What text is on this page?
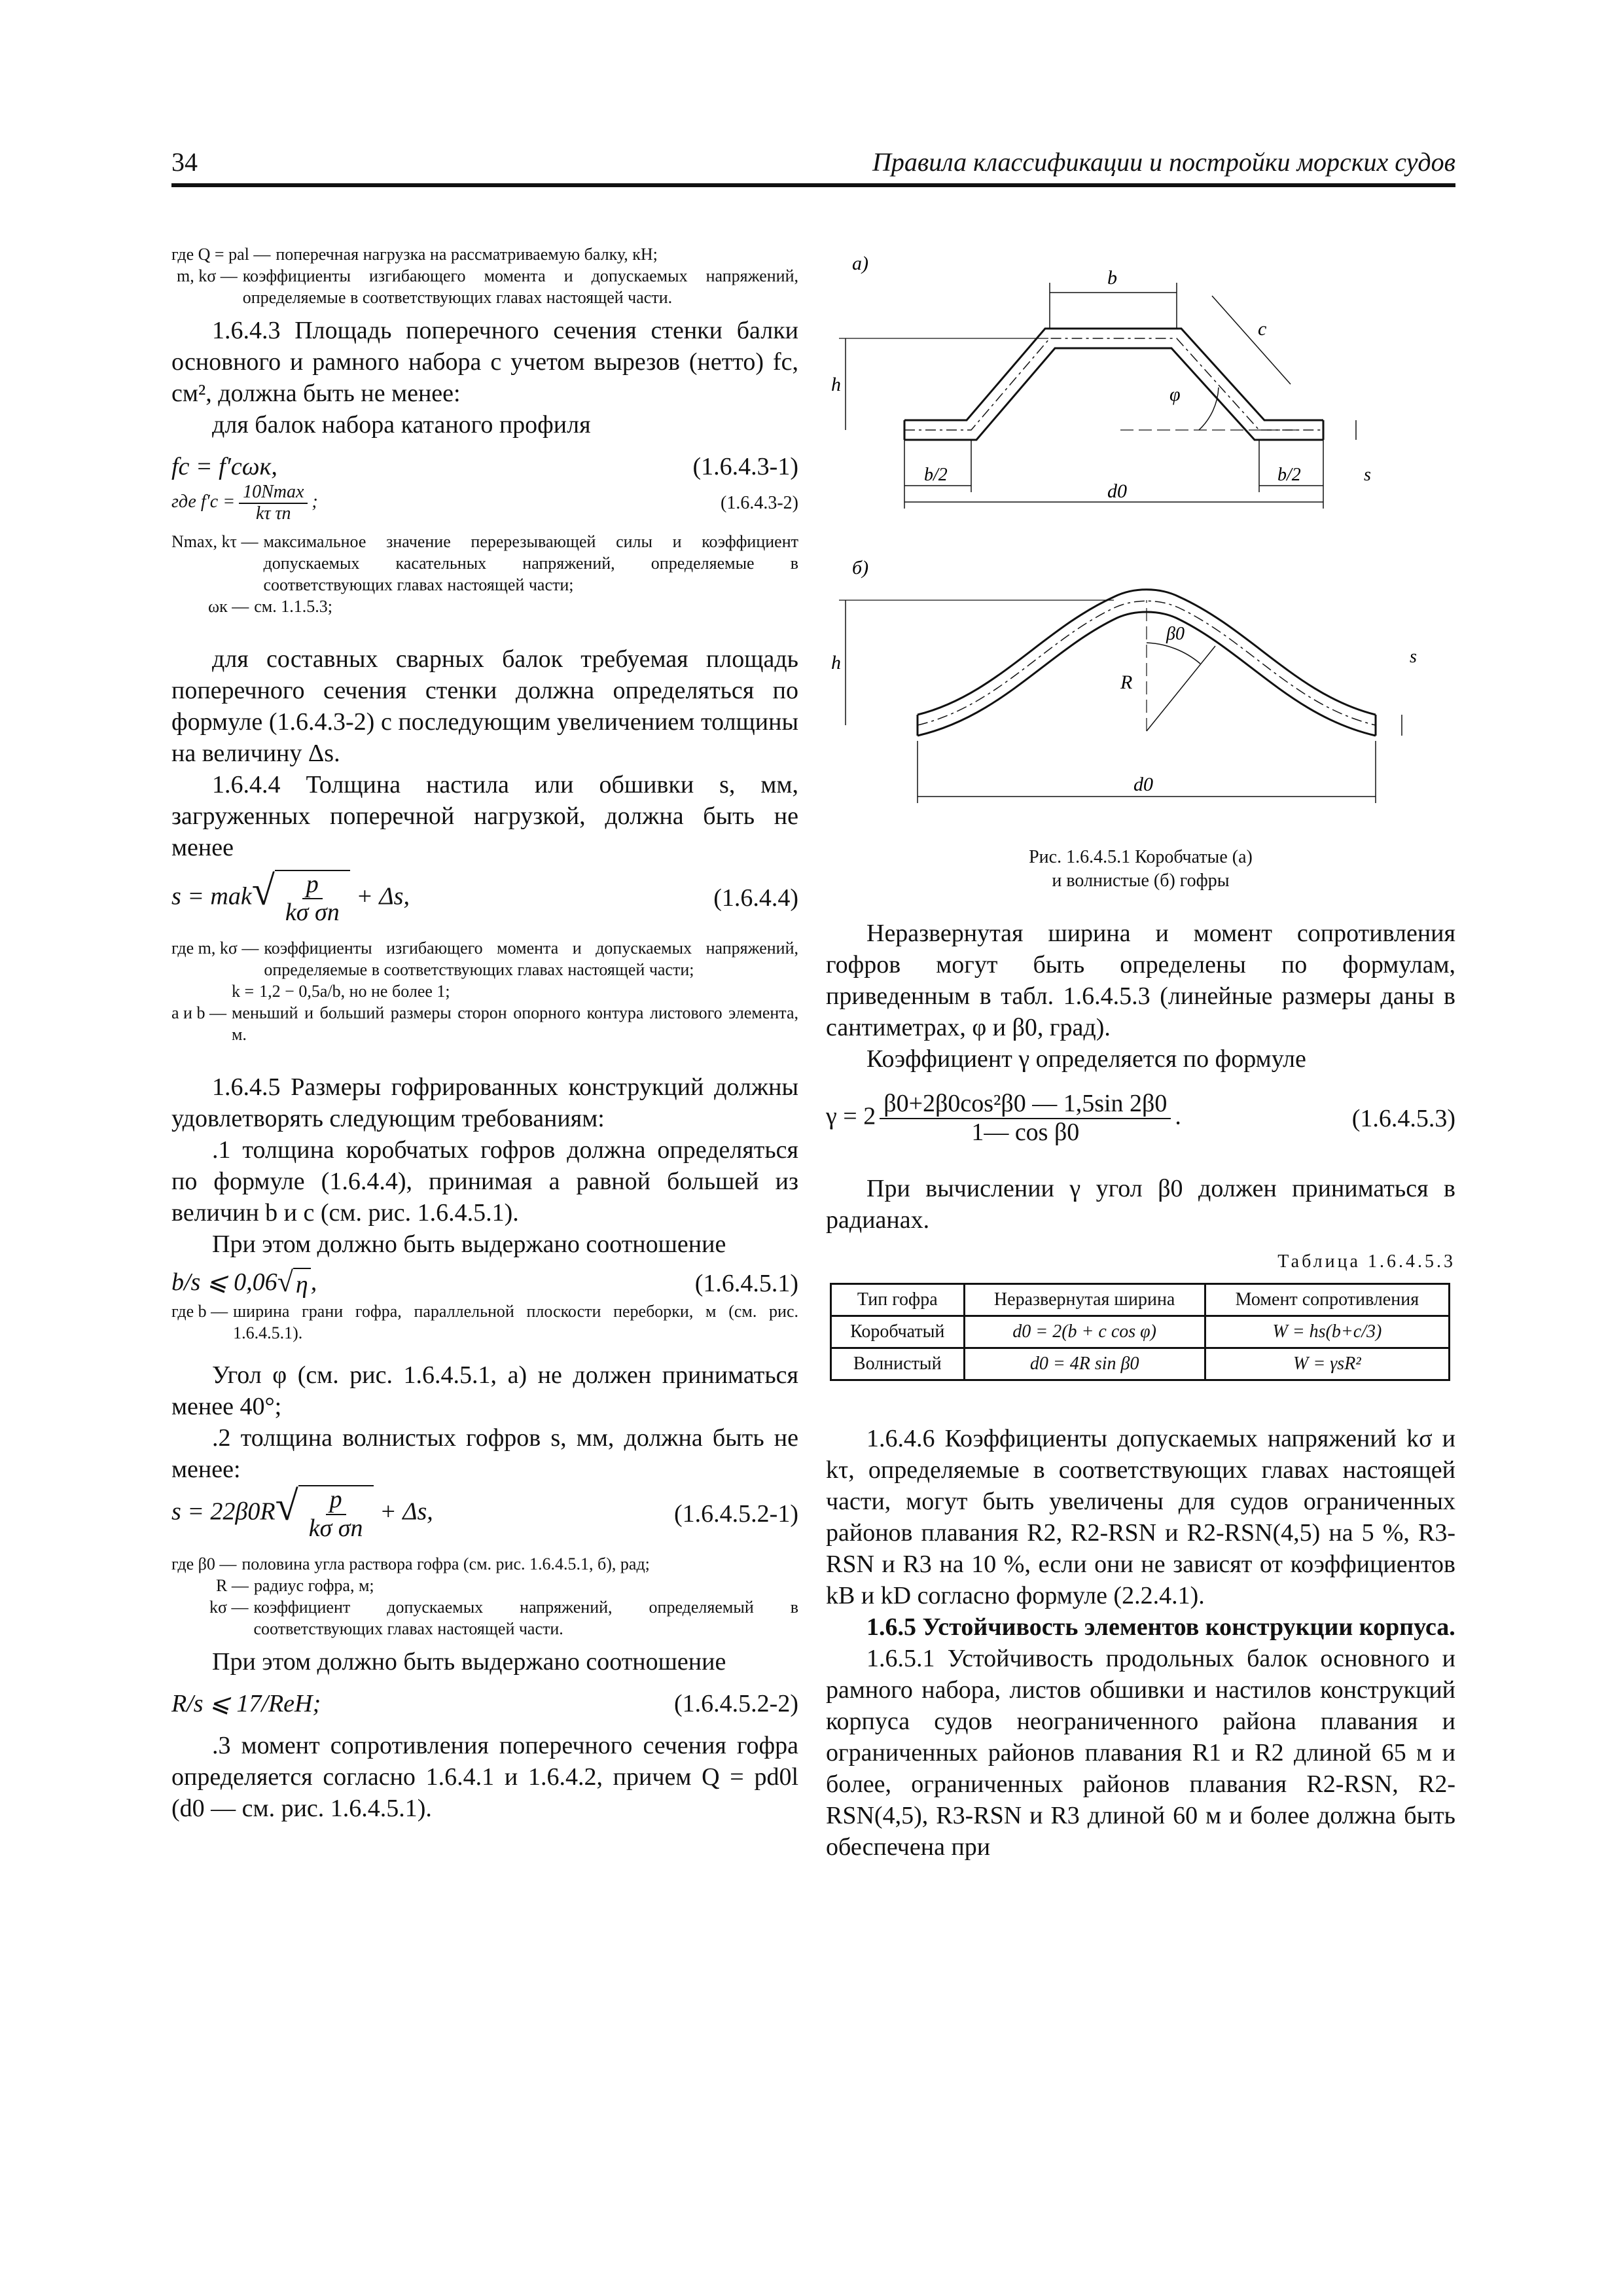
34	Правила классификации и постройки морских судов
где Q = pal — поперечная нагрузка на рассматриваемую балку, кН;
m, kσ — коэффициенты изгибающего момента и допускаемых напряжений, определяемые в соответствующих главах настоящей части.

1.6.4.3 Площадь поперечного сечения стенки балки основного и рамного набора с учетом вырезов (нетто) fc, см², должна быть не менее:

для балок набора катаного профиля

fc = f′cωк,	(1.6.4.3-1)
где $f'c = \frac{10Nmax}{\text{kτ τn}}$ ;	(1.6.4.3-2)
Nmax, kτ — максимальное значение перерезывающей силы и коэффициент допускаемых касательных напряжений, определяемые в соответствующих главах настоящей части;
ωк — см. 1.1.5.3;

для составных сварных балок требуемая площадь поперечного сечения стенки должна определяться по формуле (1.6.4.3-2) с последующим увеличением толщины на величину Δs.

1.6.4.4 Толщина настила или обшивки s, мм, загруженных поперечной нагрузкой, должна быть не менее

s = mak √ $\frac{p}{\text{kσ σn}} + \Delta s$,	(1.6.4.4)
где m, kσ — коэффициенты изгибающего момента и допускаемых напряжений, определяемые в соответствующих главах настоящей части;
k = 1,2 − 0,5a/b, но не более 1;
a и b — меньший и больший размеры сторон опорного контура листового элемента, м.

1.6.4.5 Размеры гофрированных конструкций должны удовлетворять следующим требованиям:

.1 толщина коробчатых гофров должна определяться по формуле (1.6.4.4), принимая a равной большей из величин b и c (см. рис. 1.6.4.5.1).

При этом должно быть выдержано соотношение

b/s ⩽ 0,06 √ η ,	(1.6.4.5.1)
где b — ширина грани гофра, параллельной плоскости переборки, м (см. рис. 1.6.4.5.1).

Угол φ (см. рис. 1.6.4.5.1, a) не должен приниматься менее 40°;

.2 толщина волнистых гофров s, мм, должна быть не менее:

s = 22β0R √ $\frac{p}{\text{kσ σn}} + \Delta s$,	(1.6.4.5.2-1)
где β0 — половина угла раствора гофра (см. рис. 1.6.4.5.1, б), рад;
R — радиус гофра, м;
kσ — коэффициент допускаемых напряжений, определяемый в соответствующих главах настоящей части.

При этом должно быть выдержано соотношение

R/s ⩽ 17/ReH;	(1.6.4.5.2-2)

.3 момент сопротивления поперечного сечения гофра определяется согласно 1.6.4.1 и 1.6.4.2, причем Q = pd0l (d0 — см. рис. 1.6.4.5.1).

а)
b
c
h	φ
b/2	b/2	s
d0
б)
R
β0
h	s
d0

Рис. 1.6.4.5.1 Коробчатые (а)

и волнистые (б) гофры

Неразвернутая ширина и момент сопротивления гофров могут быть определены по формулам, приведенным в табл. 1.6.4.5.3 (линейные размеры даны в сантиметрах, φ и β0, град).

Коэффициент γ определяется по формуле

$\gamma = 2 \frac{\text{β0+2β0cos²β0 — 1,5sin 2β0}}{\text{1— cos β0}}$ .	(1.6.4.5.3)

При вычислении γ угол β0 должен приниматься в радианах.

Таблица 1.6.4.5.3

Тип гофра	Неразвернутая ширина	Момент сопротивления
Коробчатый	d0 = 2(b + c cos φ)	W = hs(b+c/3)
Волнистый	d0 = 4R sin β0	W = γsR²

1.6.4.6 Коэффициенты допускаемых напряжений kσ и kτ, определяемые в соответствующих главах настоящей части, могут быть увеличены для судов ограниченных районов плавания R2, R2-RSN и R2-RSN(4,5) на 5 %, R3-RSN и R3 на 10 %, если они не зависят от коэффициентов kB и kD согласно формуле (2.2.4.1).

1.6.5 Устойчивость элементов конструкции корпуса.

1.6.5.1 Устойчивость продольных балок основного и рамного набора, листов обшивки и настилов конструкций корпуса судов неограниченного района плавания и ограниченных районов плавания R1 и R2 длиной 65 м и более, ограниченных районов плавания R2-RSN, R2-RSN(4,5), R3-RSN и R3 длиной 60 м и более должна быть обеспечена при
